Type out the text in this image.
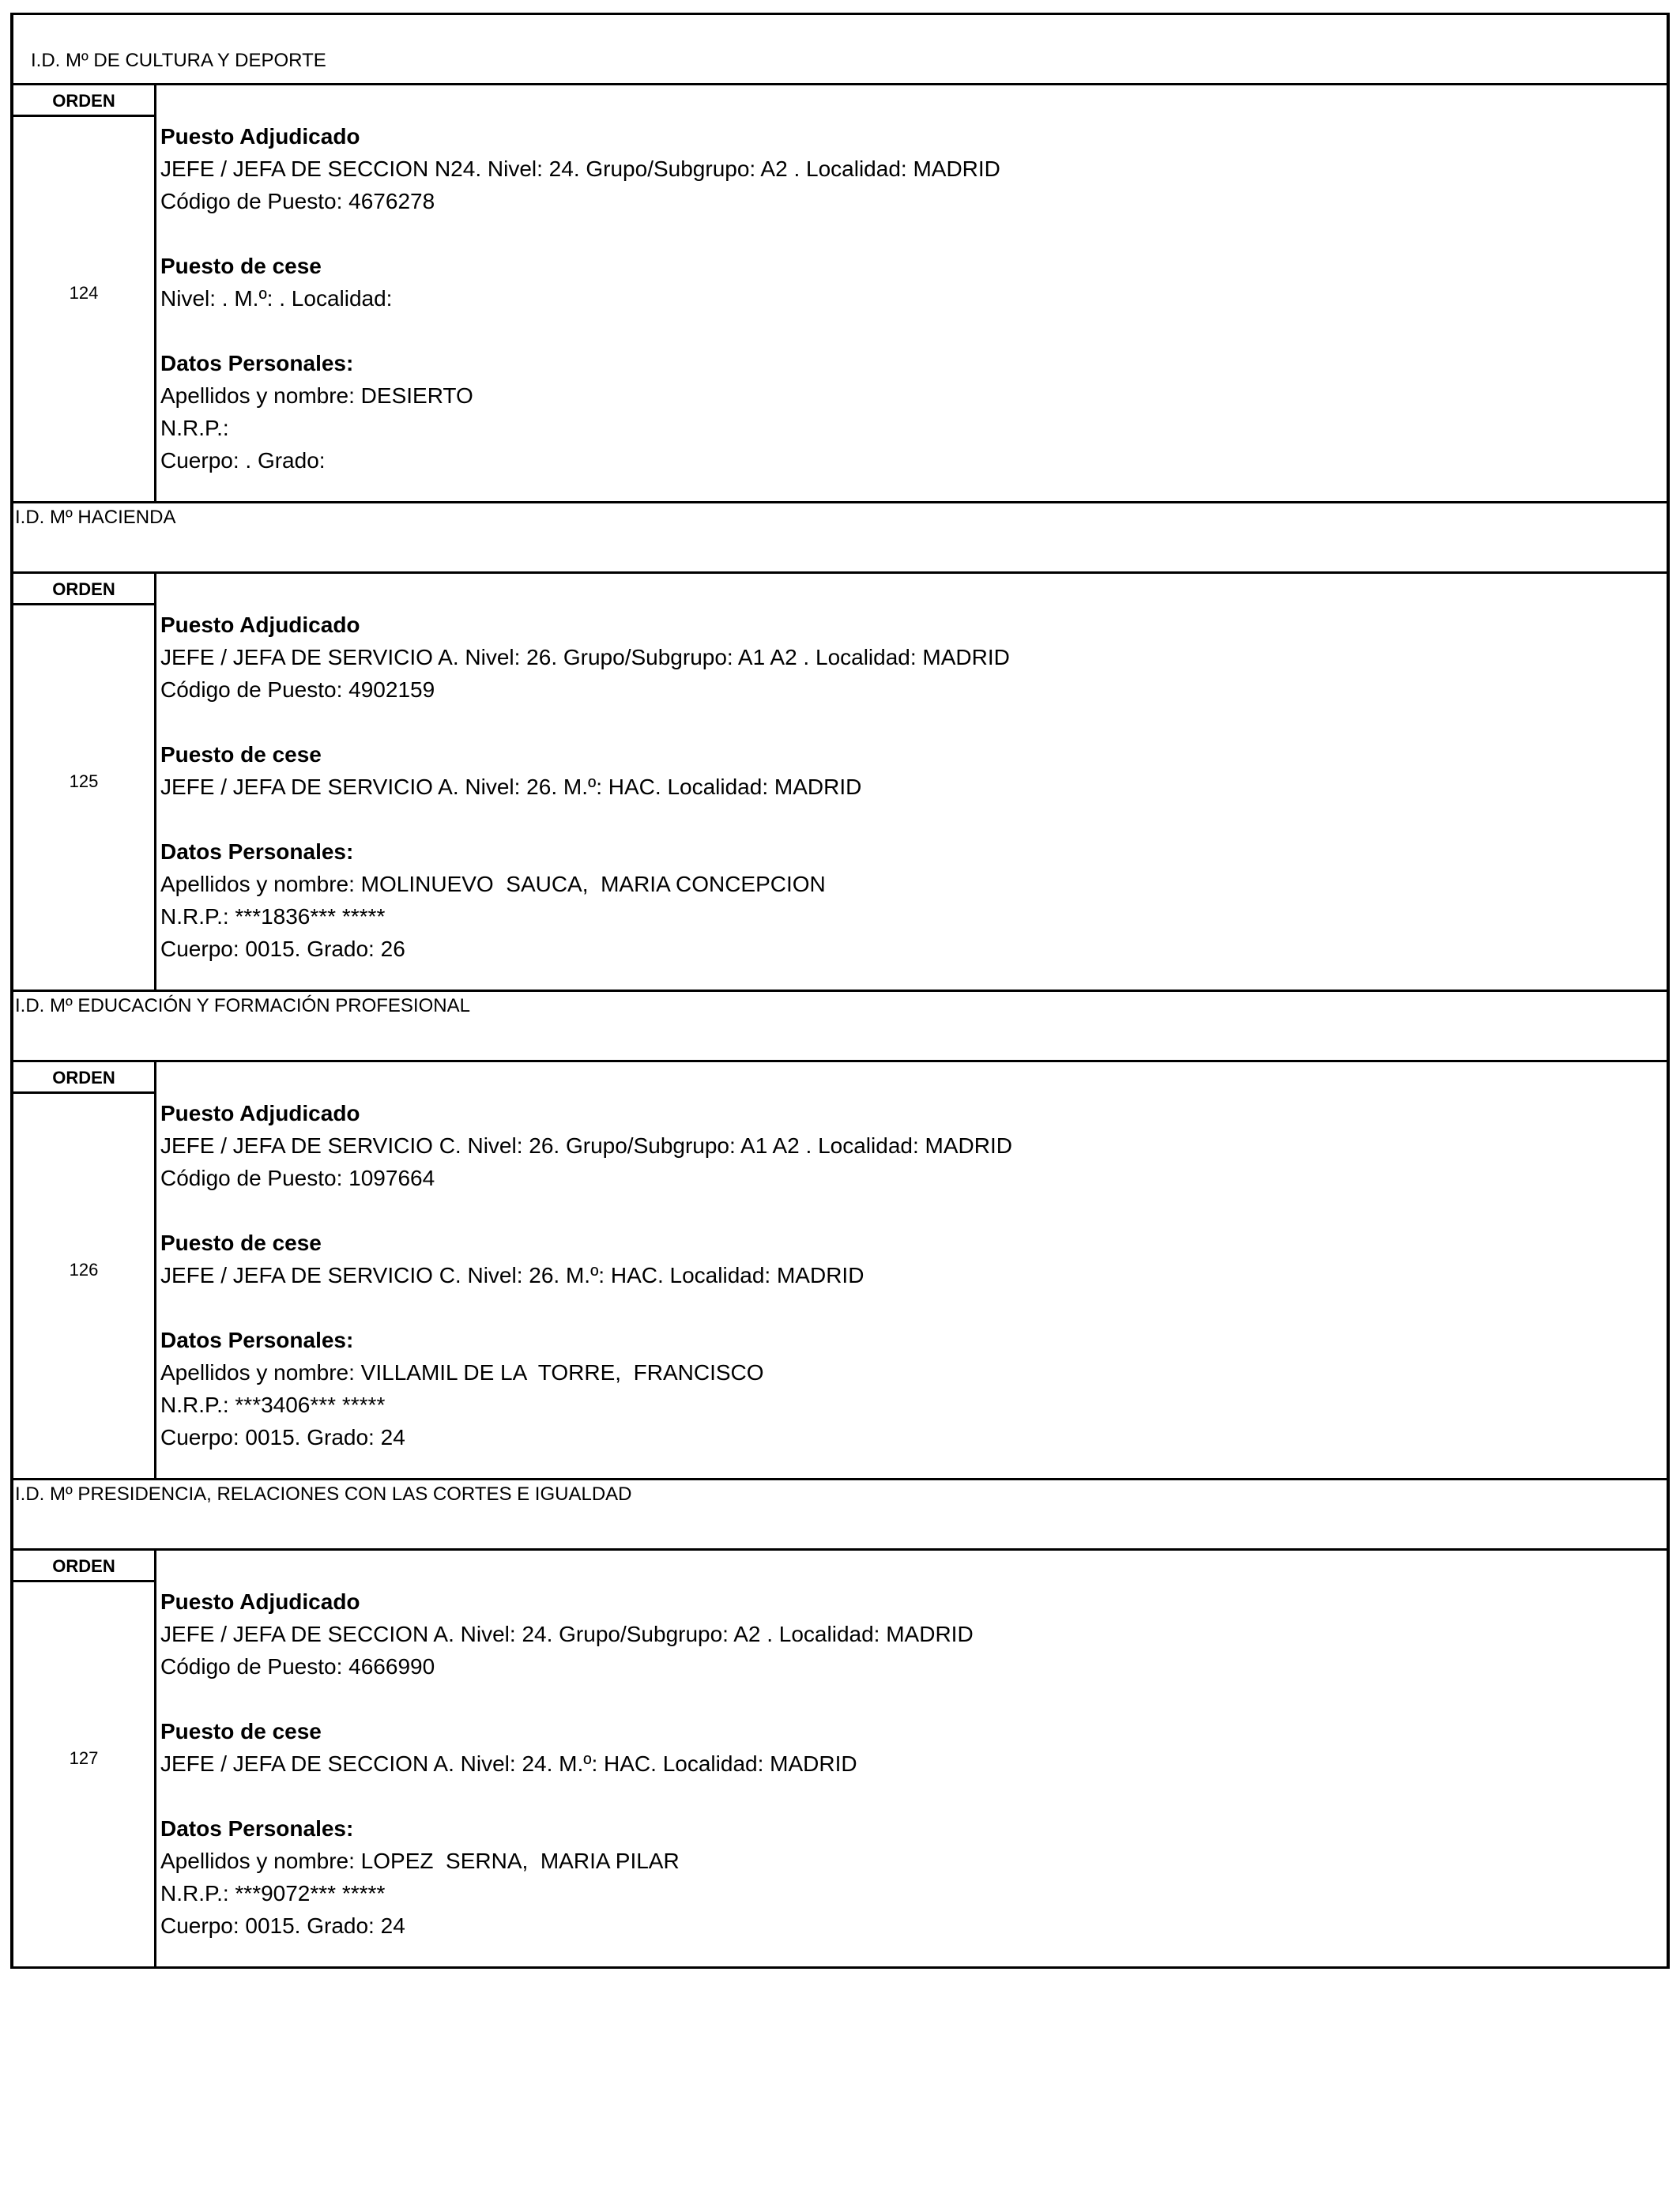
I.D. Mº DE CULTURA Y DEPORTE
ORDEN
124
Puesto Adjudicado
JEFE / JEFA DE SECCION N24. Nivel: 24. Grupo/Subgrupo: A2 . Localidad: MADRID
Código de Puesto: 4676278
Puesto de cese
Nivel: . M.º: . Localidad:
Datos Personales:
Apellidos y nombre: DESIERTO
N.R.P.:
Cuerpo: . Grado:
I.D. Mº HACIENDA
ORDEN
125
Puesto Adjudicado
JEFE / JEFA DE SERVICIO A. Nivel: 26. Grupo/Subgrupo: A1 A2 . Localidad: MADRID
Código de Puesto: 4902159
Puesto de cese
JEFE / JEFA DE SERVICIO A. Nivel: 26. M.º: HAC. Localidad: MADRID
Datos Personales:
Apellidos y nombre: MOLINUEVO  SAUCA,  MARIA CONCEPCION
N.R.P.: ***1836*** *****
Cuerpo: 0015. Grado: 26
I.D. Mº EDUCACIÓN Y FORMACIÓN PROFESIONAL
ORDEN
126
Puesto Adjudicado
JEFE / JEFA DE SERVICIO C. Nivel: 26. Grupo/Subgrupo: A1 A2 . Localidad: MADRID
Código de Puesto: 1097664
Puesto de cese
JEFE / JEFA DE SERVICIO C. Nivel: 26. M.º: HAC. Localidad: MADRID
Datos Personales:
Apellidos y nombre: VILLAMIL DE LA  TORRE,  FRANCISCO
N.R.P.: ***3406*** *****
Cuerpo: 0015. Grado: 24
I.D. Mº PRESIDENCIA, RELACIONES CON LAS CORTES E IGUALDAD
ORDEN
127
Puesto Adjudicado
JEFE / JEFA DE SECCION A. Nivel: 24. Grupo/Subgrupo: A2 . Localidad: MADRID
Código de Puesto: 4666990
Puesto de cese
JEFE / JEFA DE SECCION A. Nivel: 24. M.º: HAC. Localidad: MADRID
Datos Personales:
Apellidos y nombre: LOPEZ  SERNA,  MARIA PILAR
N.R.P.: ***9072*** *****
Cuerpo: 0015. Grado: 24
